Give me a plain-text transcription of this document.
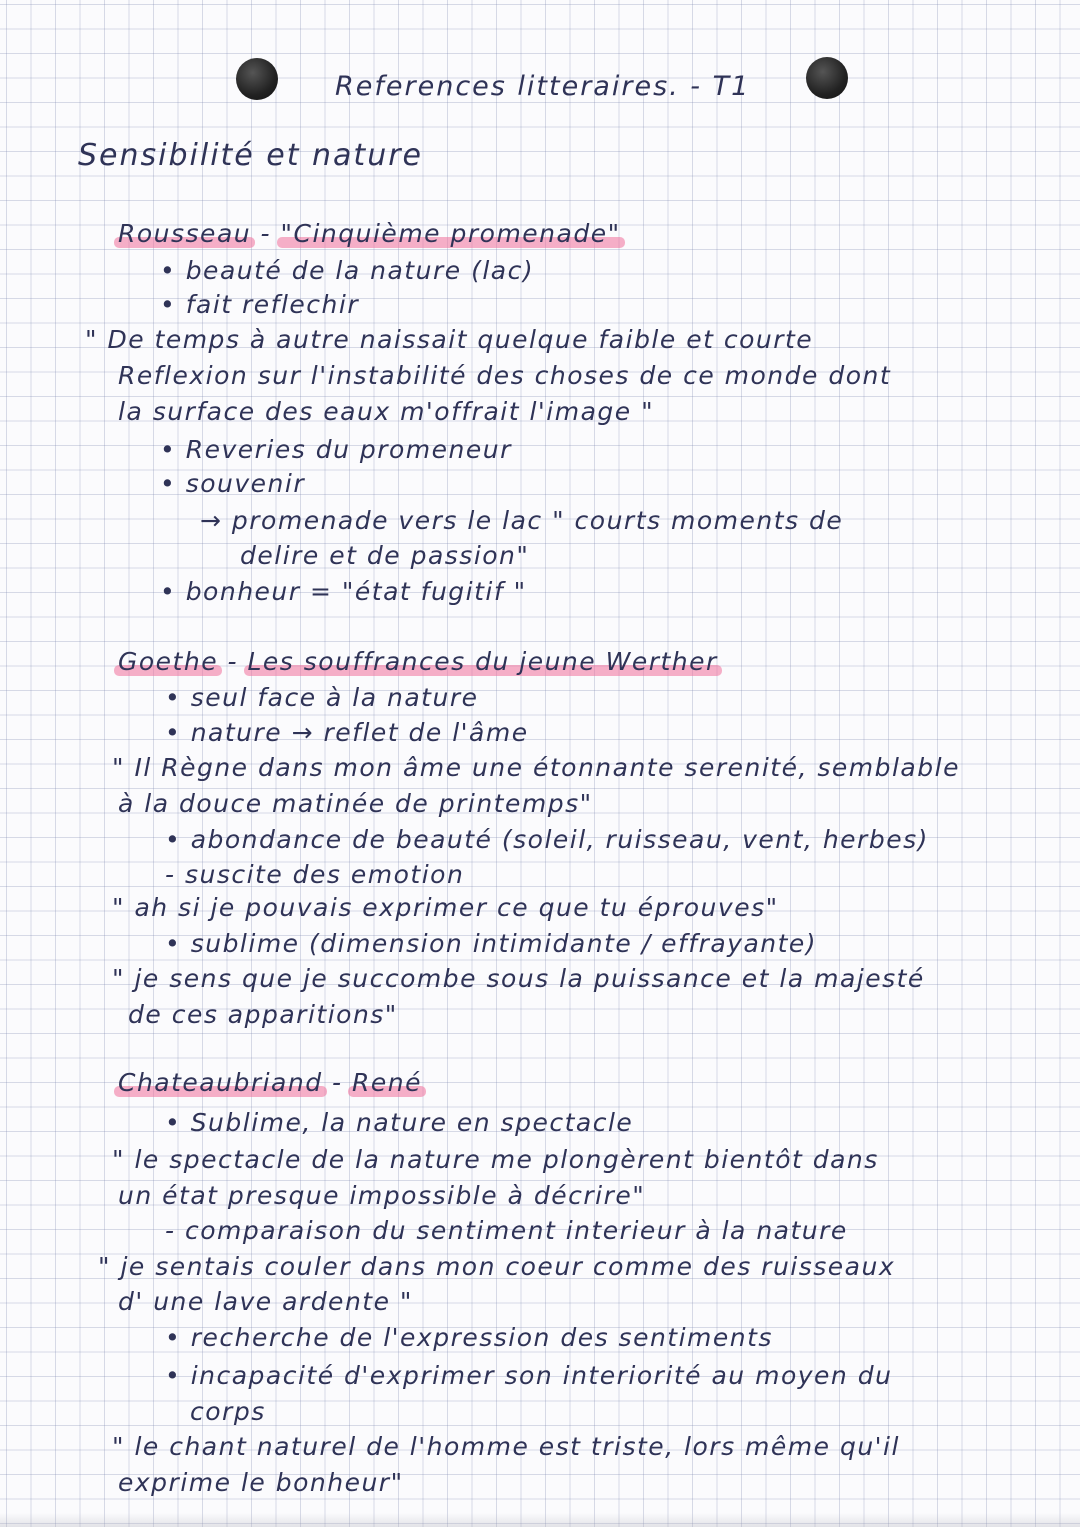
References litteraires. - T1
Sensibilité et nature
Rousseau - "Cinquième promenade"
• beauté de la nature (lac)
• fait reflechir
" De temps à autre naissait quelque faible et courte
Reflexion sur l'instabilité des choses de ce monde dont
la surface des eaux m'offrait l'image "
• Reveries du promeneur
• souvenir
→ promenade vers le lac " courts moments de
delire et de passion"
• bonheur = "état fugitif "
Goethe - Les souffrances du jeune Werther
• seul face à la nature
• nature → reflet de l'âme
" Il Règne dans mon âme une étonnante serenité, semblable
à la douce matinée de printemps"
• abondance de beauté (soleil, ruisseau, vent, herbes)
- suscite des emotion
" ah si je pouvais exprimer ce que tu éprouves"
• sublime (dimension intimidante / effrayante)
" je sens que je succombe sous la puissance et la majesté
de ces apparitions"
Chateaubriand - René
• Sublime, la nature en spectacle
" le spectacle de la nature me plongèrent bientôt dans
un état presque impossible à décrire"
- comparaison du sentiment interieur à la nature
" je sentais couler dans mon coeur comme des ruisseaux
d' une lave ardente "
• recherche de l'expression des sentiments
• incapacité d'exprimer son interiorité au moyen du
corps
" le chant naturel de l'homme est triste, lors même qu'il
exprime le bonheur"
